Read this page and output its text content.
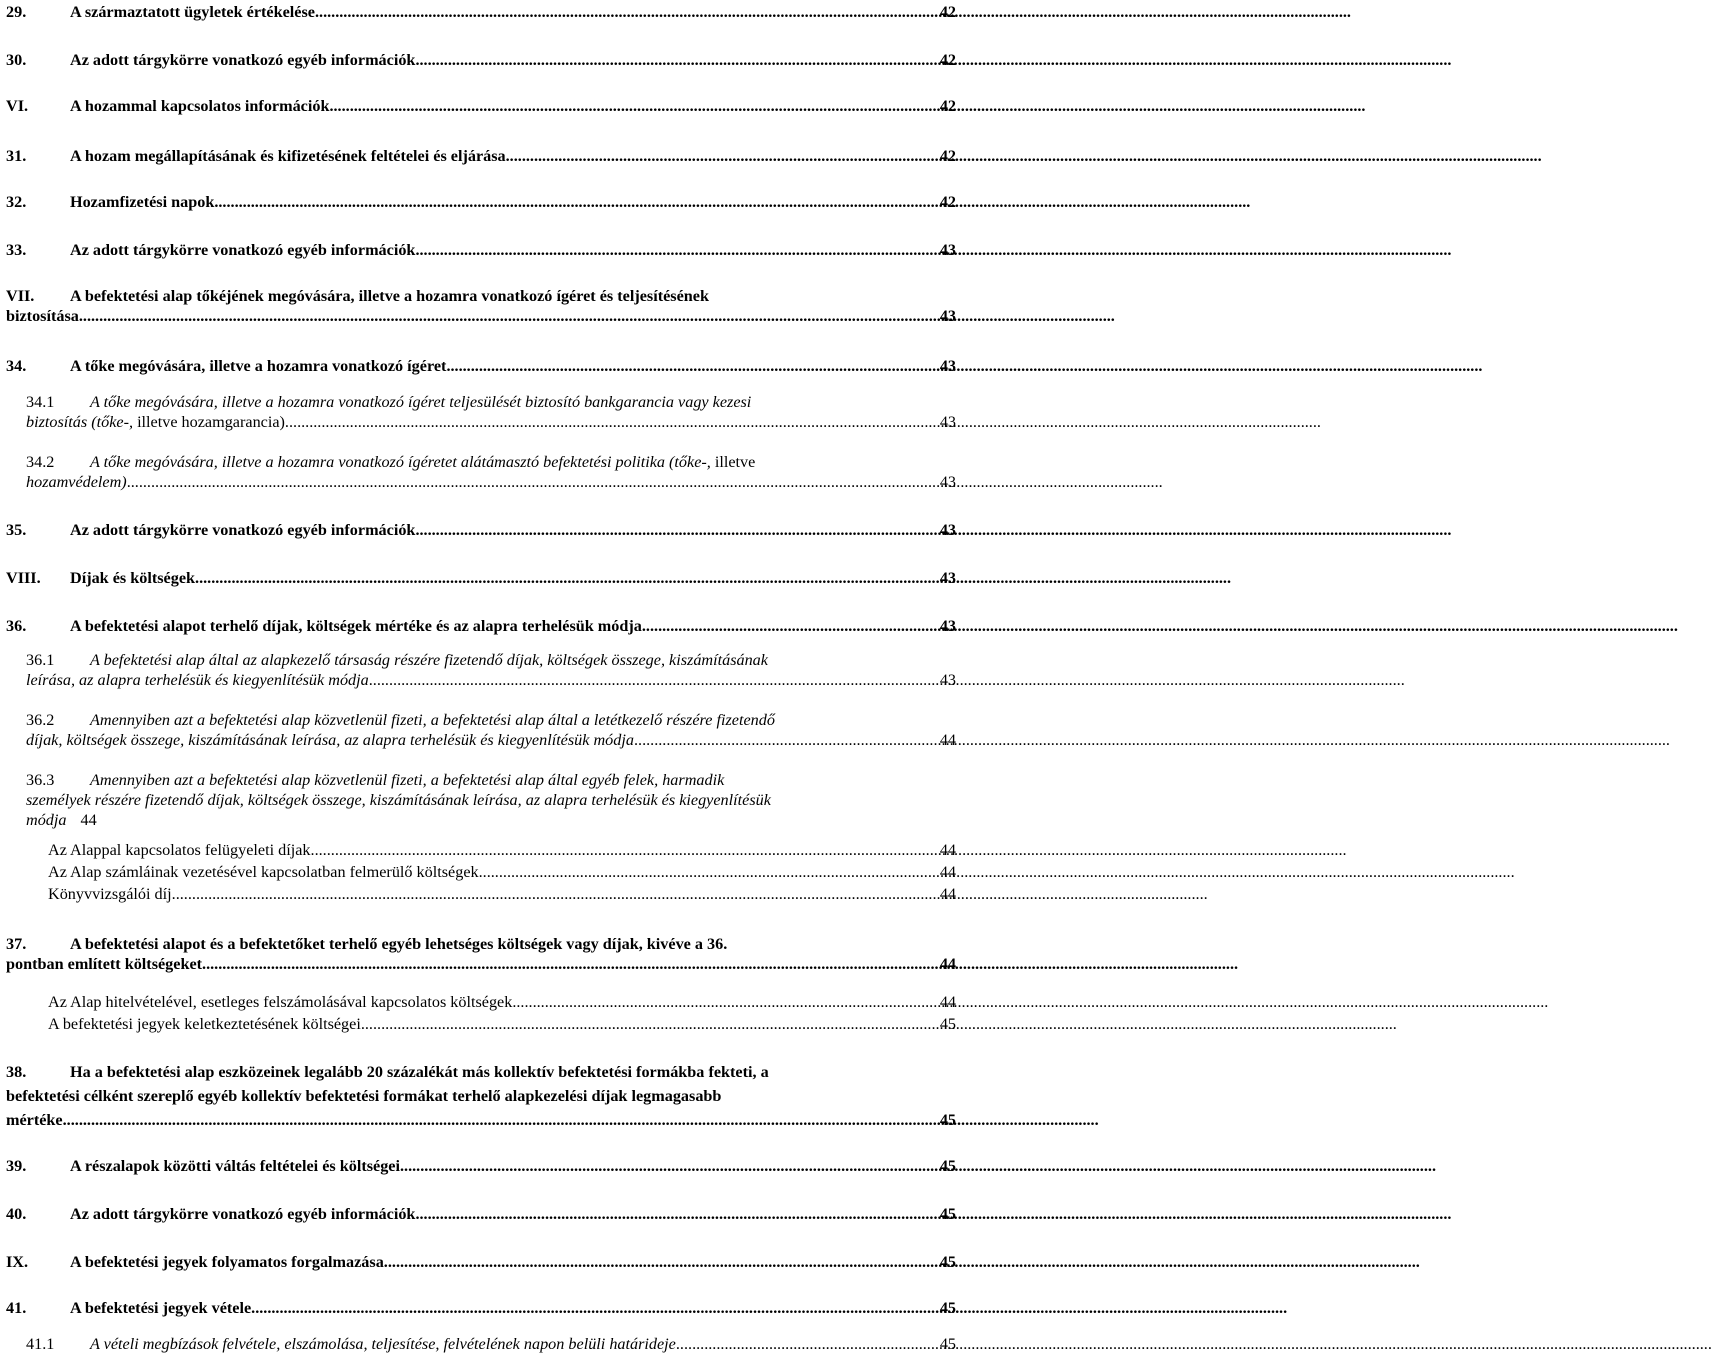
29.	A származtatott ügyletek értékelése .....	42
30.	Az adott tárgykörre vonatkozó egyéb információk .....	42
VI.	A hozammal kapcsolatos információk .....	42
31.	A hozam megállapításának és kifizetésének feltételei és eljárása .....	42
32.	Hozamfizetési napok .....	42
33.	Az adott tárgykörre vonatkozó egyéb információk .....	43
VII.	A befektetési alap tőkéjének megóvására, illetve a hozamra vonatkozó ígéret és teljesítésének
biztosítása .....	43
34.	A tőke megóvására, illetve a hozamra vonatkozó ígéret .....	43
34.1	A tőke megóvására, illetve a hozamra vonatkozó ígéret teljesülését biztosító bankgarancia vagy kezesi
biztosítás (tőke-, illetve hozamgarancia) .....	43
34.2	A tőke megóvására, illetve a hozamra vonatkozó ígéretet alátámasztó befektetési politika (tőke-, illetve
hozamvédelem) .....	43
35.	Az adott tárgykörre vonatkozó egyéb információk .....	43
VIII.	Díjak és költségek .....	43
36.	A befektetési alapot terhelő díjak, költségek mértéke és az alapra terhelésük módja .....	43
36.1	A befektetési alap által az alapkezelő társaság részére fizetendő díjak, költségek összege, kiszámításának
leírása, az alapra terhelésük és kiegyenlítésük módja .....	43
36.2	Amennyiben azt a befektetési alap közvetlenül fizeti, a befektetési alap által a letétkezelő részére fizetendő
díjak, költségek összege, kiszámításának leírása, az alapra terhelésük és kiegyenlítésük módja .....	44
36.3	Amennyiben azt a befektetési alap közvetlenül fizeti, a befektetési alap által egyéb felek, harmadik
személyek részére fizetendő díjak, költségek összege, kiszámításának leírása, az alapra terhelésük és kiegyenlítésük
módja 44
Az Alappal kapcsolatos felügyeleti díjak .....	44
Az Alap számláinak vezetésével kapcsolatban felmerülő költségek .....	44
Könyvvizsgálói díj .....	44
37.	A befektetési alapot és a befektetőket terhelő egyéb lehetséges költségek vagy díjak, kivéve a 36.
pontban említett költségeket .....	44
Az Alap hitelvételével, esetleges felszámolásával kapcsolatos költségek .....	44
A befektetési jegyek keletkeztetésének költségei .....	45
38.	Ha a befektetési alap eszközeinek legalább 20 százalékát más kollektív befektetési formákba fekteti, a
befektetési célként szereplő egyéb kollektív befektetési formákat terhelő alapkezelési díjak legmagasabb
mértéke .....	45
39.	A részalapok közötti váltás feltételei és költségei .....	45
40.	Az adott tárgykörre vonatkozó egyéb információk .....	45
IX.	A befektetési jegyek folyamatos forgalmazása .....	45
41.	A befektetési jegyek vétele .....	45
41.1	A vételi megbízások felvétele, elszámolása, teljesítése, felvételének napon belüli határideje .....	45
